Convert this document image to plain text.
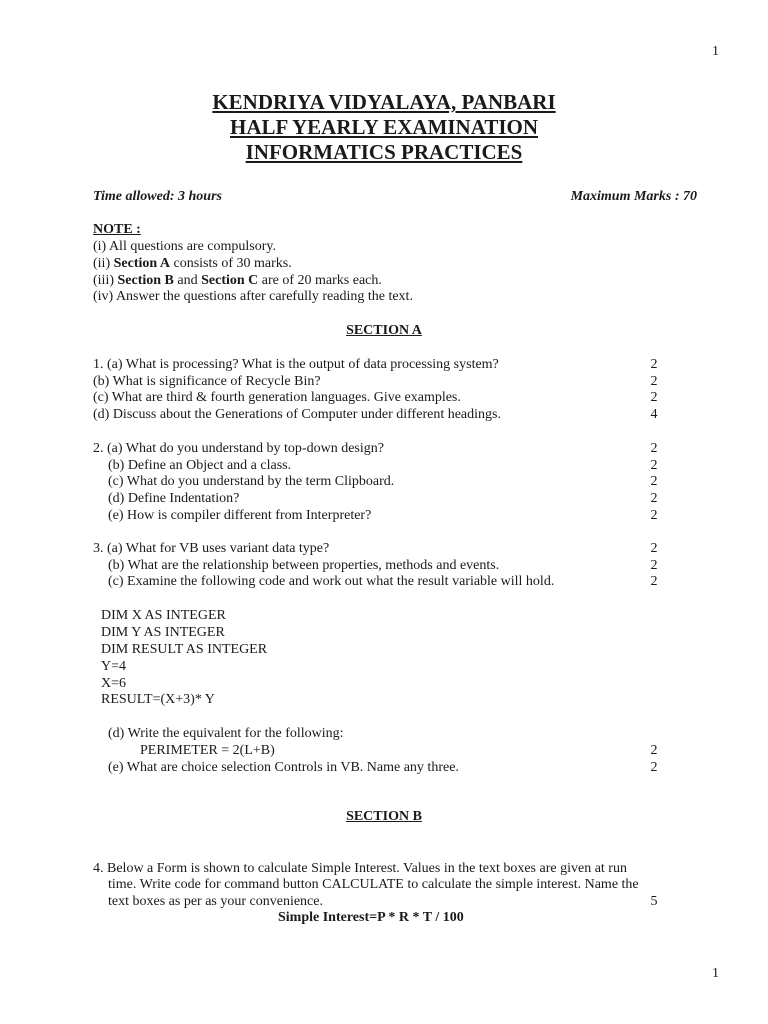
1
KENDRIYA VIDYALAYA, PANBARI
HALF YEARLY EXAMINATION
INFORMATICS PRACTICES
Time allowed: 3 hours	Maximum Marks : 70
NOTE :
(i) All questions are compulsory.
(ii) Section A consists of 30 marks.
(iii) Section B and Section C are of 20 marks each.
(iv) Answer the questions after carefully reading the text.
SECTION A
1. (a) What is processing? What is the output of data processing system?	2
(b) What is significance of Recycle Bin?	2
(c) What are third & fourth generation languages. Give examples.	2
(d) Discuss about the Generations of Computer under different headings.	4
2. (a) What do you understand by top-down design?	2
(b) Define an Object and a class.	2
(c) What do you understand by the term Clipboard.	2
(d) Define Indentation?	2
(e) How is compiler different from Interpreter?	2
3. (a) What for VB uses variant data type?	2
(b) What are the relationship between properties, methods and events.	2
(c) Examine the following code and work out what the result variable will hold.	2
DIM X AS INTEGER
DIM Y AS INTEGER
DIM RESULT AS INTEGER
Y=4
X=6
RESULT=(X+3)* Y
(d) Write the equivalent for the following:
PERIMETER = 2(L+B)	2
(e) What are choice selection Controls in VB. Name any three.	2
SECTION B
4. Below a Form is shown to calculate Simple Interest. Values in the text boxes are given at run
time. Write code for command button CALCULATE to calculate the simple interest. Name the
text boxes as per as your convenience.	5
Simple Interest=P * R * T / 100
1
